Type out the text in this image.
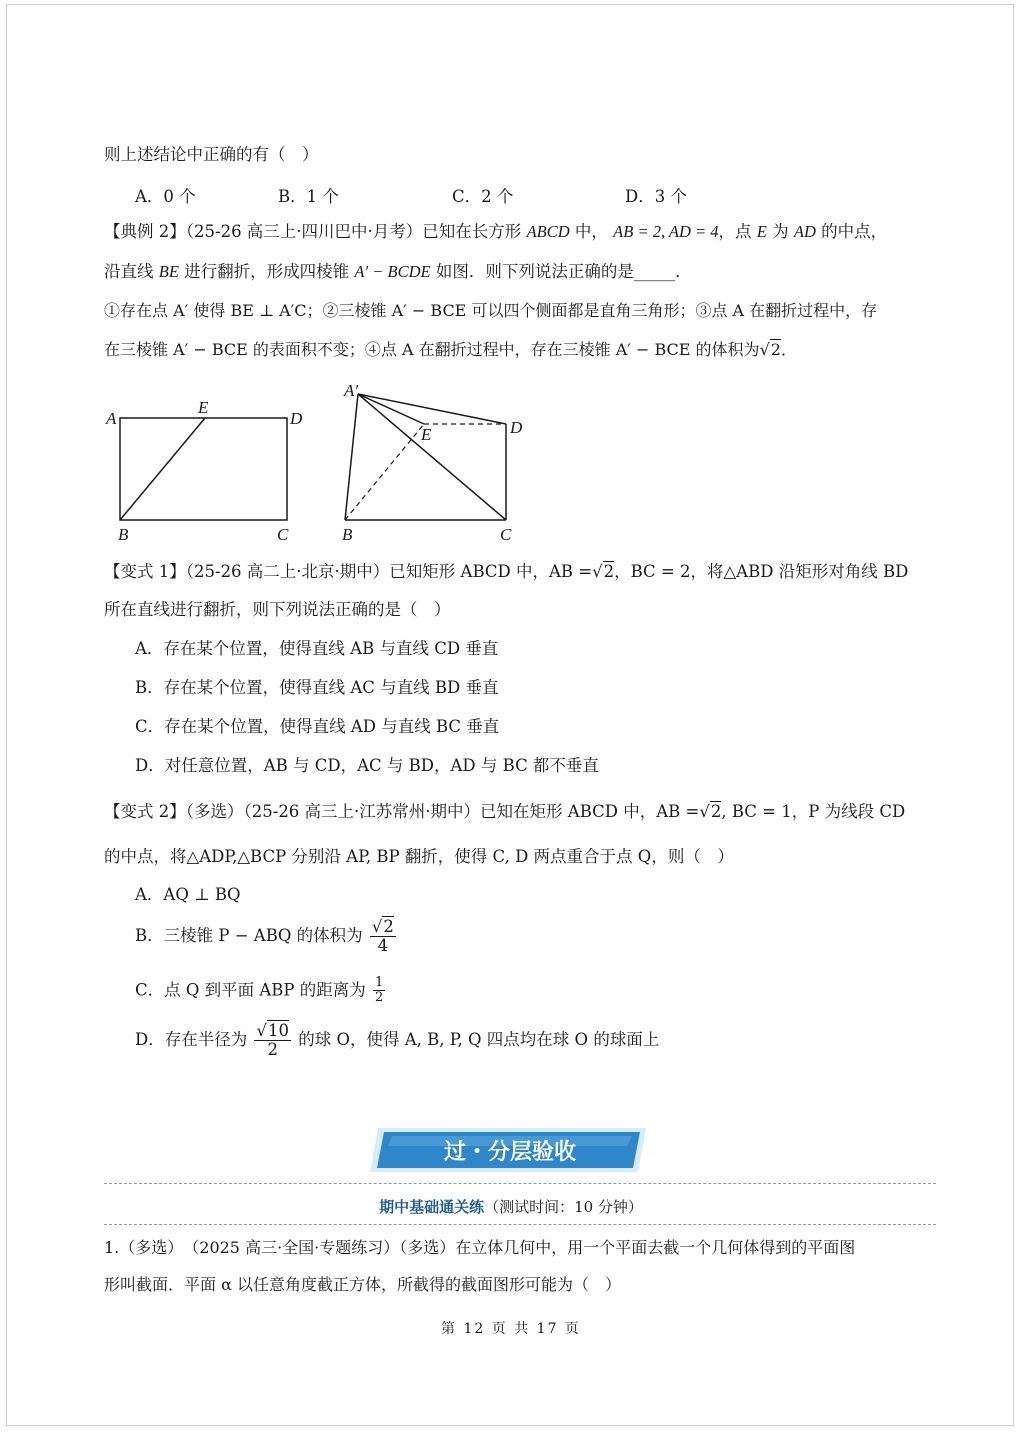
则上述结论中正确的有（　）
A．0 个	B．1 个	C．2 个	D．3 个
【典例 2】（25-26 高三上·四川巴中·月考）已知在长方形 ABCD 中， AB = 2, AD = 4，点 E 为 AD 的中点，
沿直线 BE 进行翻折，形成四棱锥 A′ − BCDE 如图．则下列说法正确的是_____．
①存在点 A′ 使得 BE ⊥ A′C；②三棱锥 A′ − BCE 可以四个侧面都是直角三角形；③点 A 在翻折过程中，存
在三棱锥 A′ − BCE 的表面积不变；④点 A 在翻折过程中，存在三棱锥 A′ − BCE 的体积为√2．
A
E
D
B	C
A′
E	D
B	C
【变式 1】（25-26 高二上·北京·期中）已知矩形 ABCD 中，AB =√2，BC = 2，将△ABD 沿矩形对角线 BD
所在直线进行翻折，则下列说法正确的是（　）
A．存在某个位置，使得直线 AB 与直线 CD 垂直
B．存在某个位置，使得直线 AC 与直线 BD 垂直
C．存在某个位置，使得直线 AD 与直线 BC 垂直
D．对任意位置，AB 与 CD，AC 与 BD，AD 与 BC 都不垂直
【变式 2】（多选）（25-26 高三上·江苏常州·期中）已知在矩形 ABCD 中，AB =√2, BC = 1，P 为线段 CD
的中点，将△ADP,△BCP 分别沿 AP, BP 翻折，使得 C, D 两点重合于点 Q，则（　）
A．AQ ⊥ BQ
B．三棱锥 P − ABQ 的体积为 $\frac{√2}{4}$
C．点 Q 到平面 ABP 的距离为 $\frac{1}{2}$
D．存在半径为 $\frac{√10}{2}$ 的球 O，使得 A, B, P, Q 四点均在球 O 的球面上
过・分层验收
期中基础通关练（测试时间：10 分钟）
1.（多选）　（2025 高三·全国·专题练习）（多选）在立体几何中，用一个平面去截一个几何体得到的平面图
形叫截面．平面 α 以任意角度截正方体，所截得的截面图形可能为（　）
第 12 页 共 17 页
